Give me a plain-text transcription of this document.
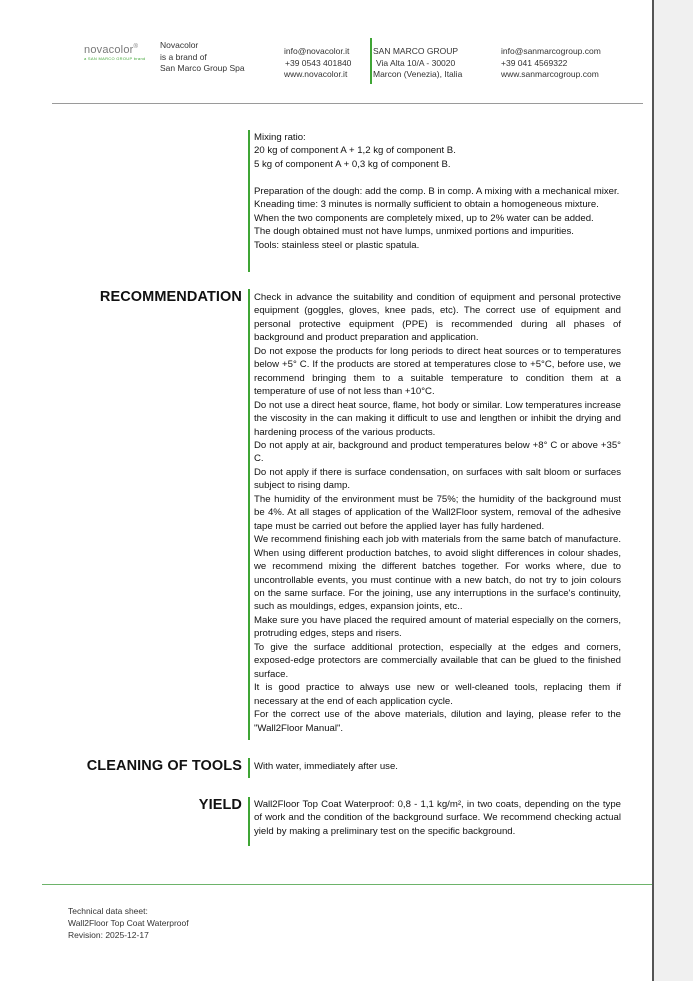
novacolor®
a SAN MARCO GROUP brand
Novacolor
is a brand of
San Marco Group Spa
info@novacolor.it
+39 0543 401840
www.novacolor.it
SAN MARCO GROUP
Via Alta 10/A - 30020
Marcon (Venezia), Italia
info@sanmarcogroup.com
+39 041 4569322
www.sanmarcogroup.com

Mixing ratio:

20 kg of component A + 1,2 kg of component B.

5 kg of component A + 0,3 kg of component B.

Preparation of the dough: add the comp. B in comp. A mixing with a mechanical mixer.

Kneading time: 3 minutes is normally sufficient to obtain a homogeneous mixture.

When the two components are completely mixed, up to 2% water can be added.

The dough obtained must not have lumps, unmixed portions and impurities.

Tools: stainless steel or plastic spatula.

RECOMMENDATION Check in advance the suitability and condition of equipment and personal protective equipment (goggles, gloves, knee pads, etc). The correct use of equipment and personal protective equipment (PPE) is recommended during all phases of background and product preparation and application.

Do not expose the products for long periods to direct heat sources or to temperatures below +5° C. If the products are stored at temperatures close to +5°C, before use, we recommend bringing them to a suitable temperature to condition them at a temperature of use of not less than +10°C.

Do not use a direct heat source, flame, hot body or similar. Low temperatures increase the viscosity in the can making it difficult to use and lengthen or inhibit the drying and hardening process of the various products.

Do not apply at air, background and product temperatures below +8° C or above +35° C.

Do not apply if there is surface condensation, on surfaces with salt bloom or surfaces subject to rising damp.

The humidity of the environment must be 75%; the humidity of the background must be 4%. At all stages of application of the Wall2Floor system, removal of the adhesive tape must be carried out before the applied layer has fully hardened.

We recommend finishing each job with materials from the same batch of manufacture. When using different production batches, to avoid slight differences in colour shades, we recommend mixing the different batches together. For works where, due to uncontrollable events, you must continue with a new batch, do not try to join colours on the same surface. For the joining, use any interruptions in the surface's continuity, such as mouldings, edges, expansion joints, etc..

Make sure you have placed the required amount of material especially on the corners, protruding edges, steps and risers.

To give the surface additional protection, especially at the edges and corners, exposed-edge protectors are commercially available that can be glued to the finished surface.

It is good practice to always use new or well-cleaned tools, replacing them if necessary at the end of each application cycle.

For the correct use of the above materials, dilution and laying, please refer to the "Wall2Floor Manual".

CLEANING OF TOOLS With water, immediately after use.
YIELD Wall2Floor Top Coat Waterproof: 0,8 - 1,1 kg/m², in two coats, depending on the type of work and the condition of the background surface. We recommend checking actual yield by making a preliminary test on the specific background.
Technical data sheet:
Wall2Floor Top Coat Waterproof
Revision: 2025-12-17
